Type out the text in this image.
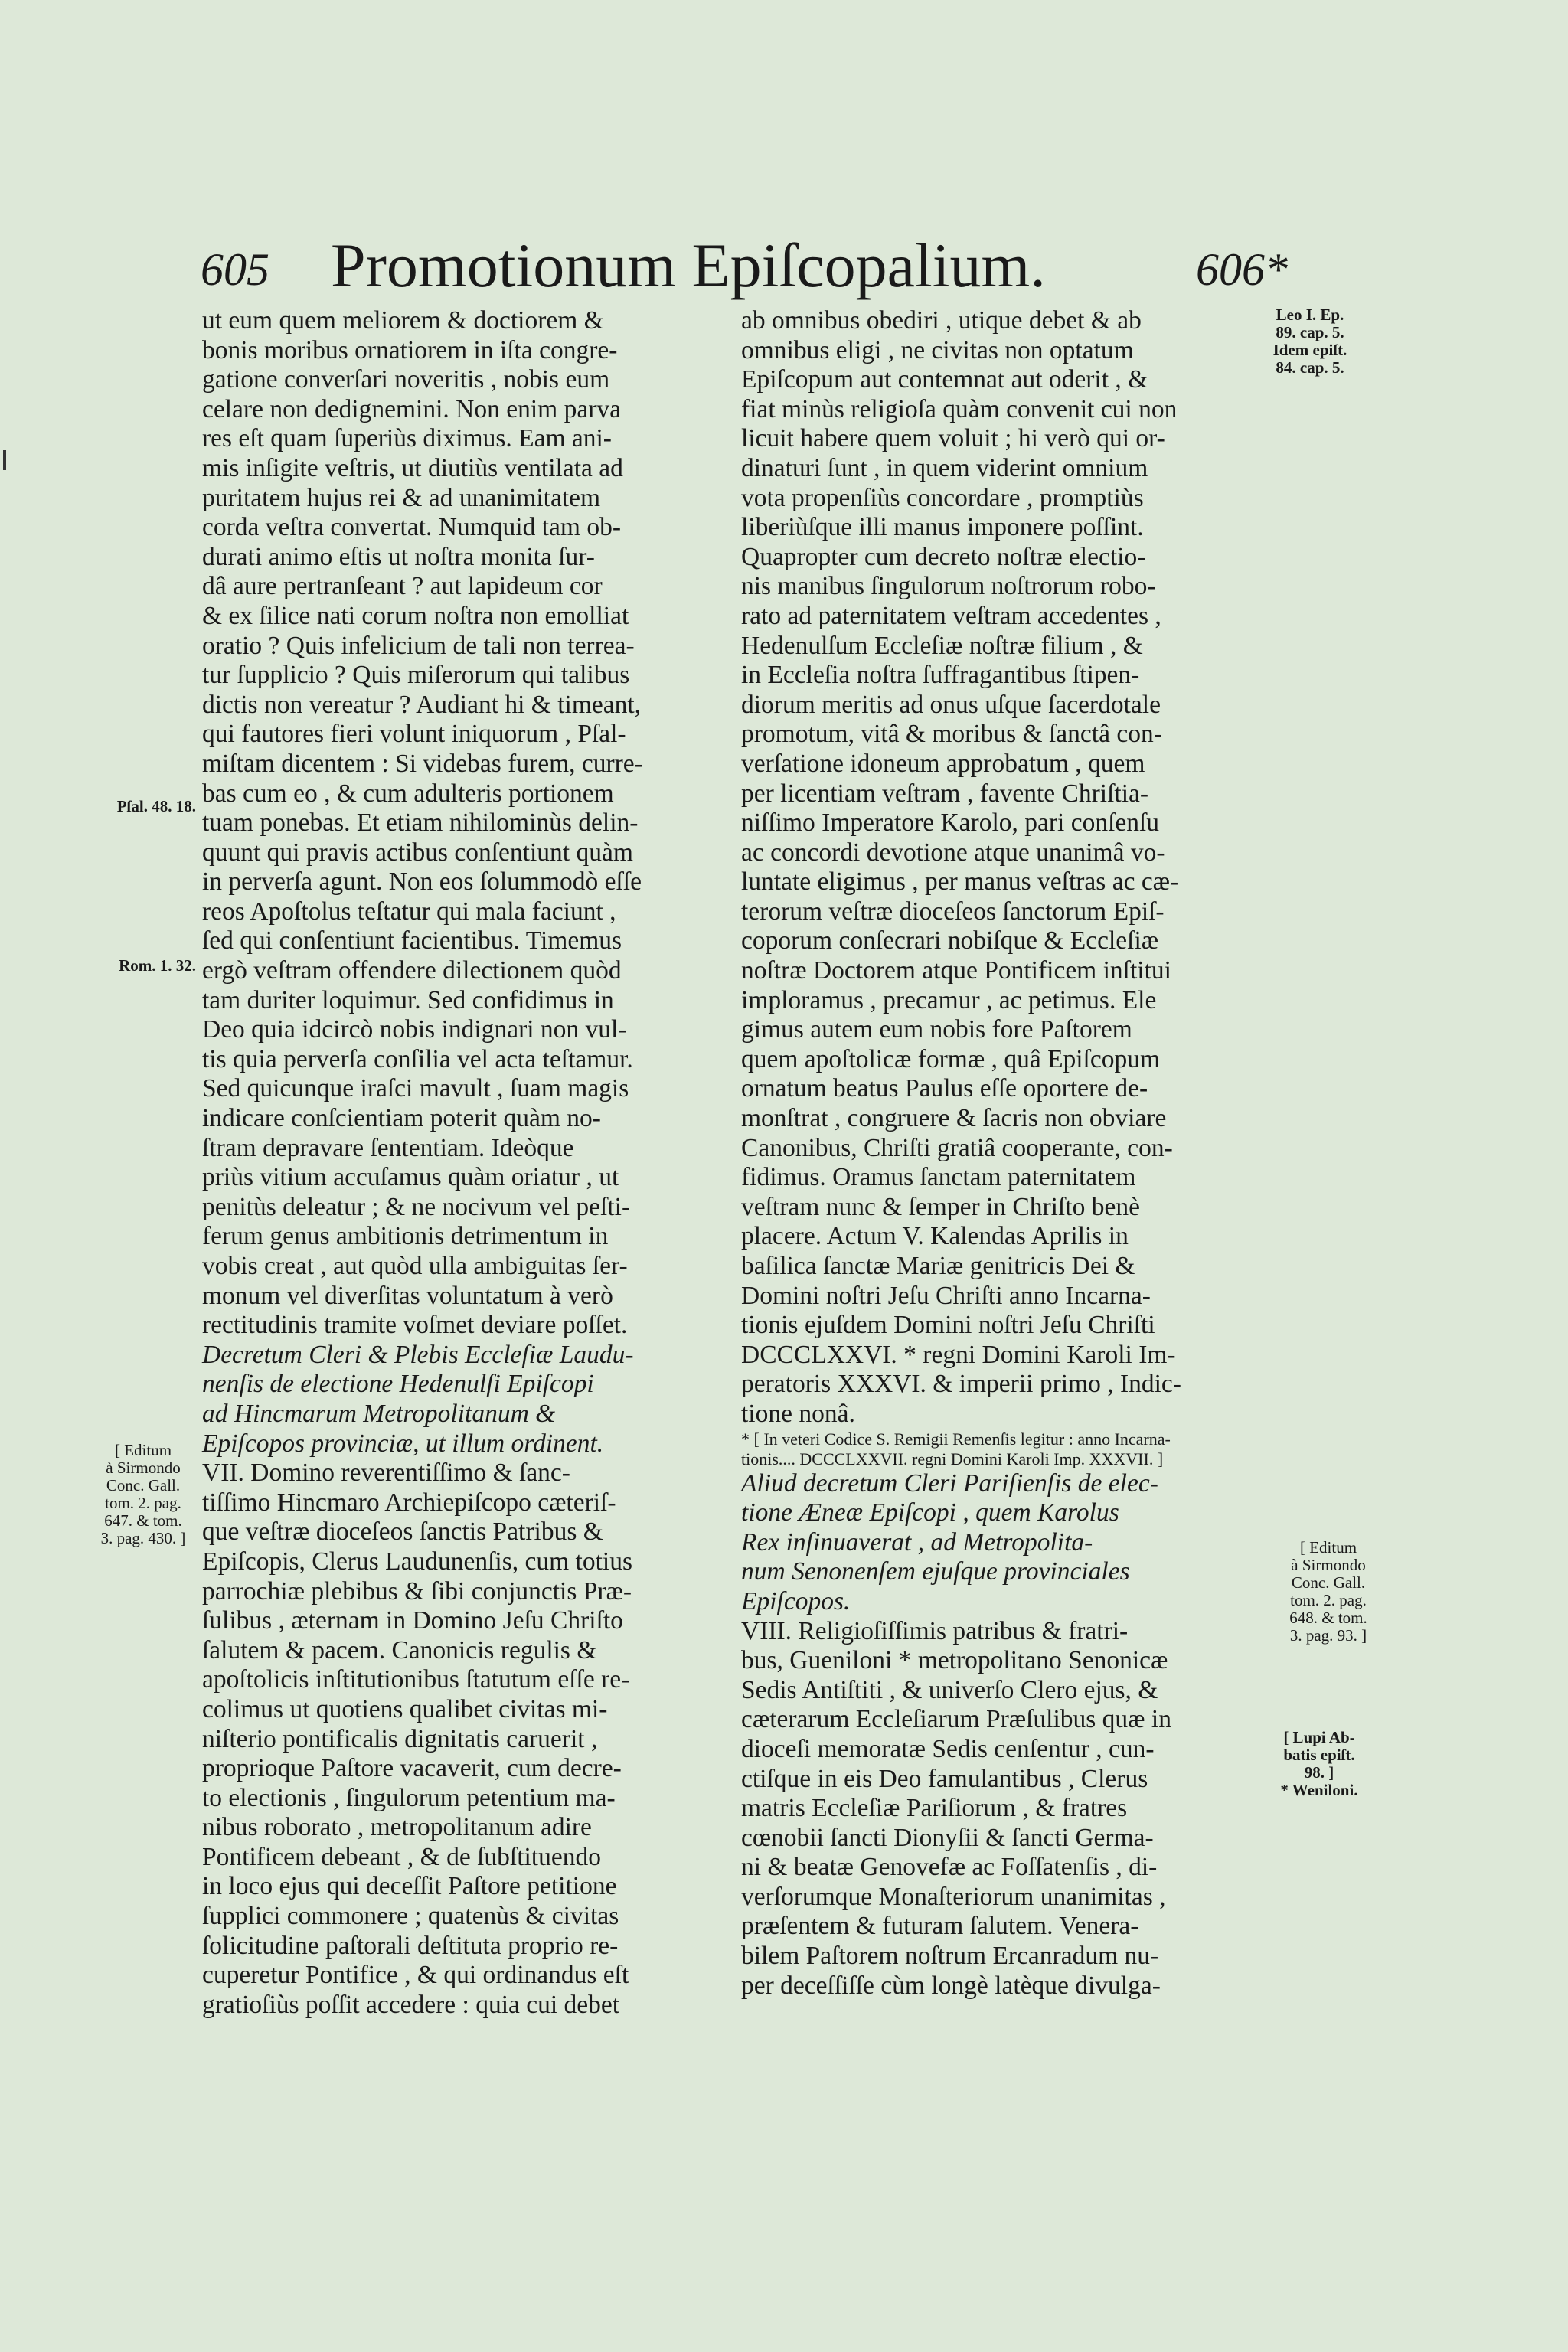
605 Promotionum Epiſcopalium.	606*

ut eum quem meliorem & doctiorem &

bonis moribus ornatiorem in iſta congre-

gatione converſari noveritis , nobis eum

celare non dedignemini. Non enim parva

res eſt quam ſuperiùs diximus. Eam ani-

mis inſigite veſtris, ut diutiùs ventilata ad

puritatem hujus rei & ad unanimitatem

corda veſtra convertat. Numquid tam ob-

durati animo eſtis ut noſtra monita ſur-

dâ aure pertranſeant ? aut lapideum cor

& ex ſilice nati corum noſtra non emolliat

oratio ? Quis infelicium de tali non terrea-

tur ſupplicio ? Quis miſerorum qui talibus

dictis non vereatur ? Audiant hi & timeant,

qui fautores fieri volunt iniquorum , Pſal-

miſtam dicentem : Si videbas furem, curre-

bas cum eo , & cum adulteris portionem

tuam ponebas. Et etiam nihilominùs delin-

quunt qui pravis actibus conſentiunt quàm

in perverſa agunt. Non eos ſolummodò eſſe

reos Apoſtolus teſtatur qui mala faciunt ,

ſed qui conſentiunt facientibus. Timemus

ergò veſtram offendere dilectionem quòd

tam duriter loquimur. Sed confidimus in

Deo quia idcircò nobis indignari non vul-

tis quia perverſa conſilia vel acta teſtamur.

Sed quicunque iraſci mavult , ſuam magis

indicare conſcientiam poterit quàm no-

ſtram depravare ſententiam. Ideòque

priùs vitium accuſamus quàm oriatur , ut

penitùs deleatur ; & ne nocivum vel peſti-

ferum genus ambitionis detrimentum in

vobis creat , aut quòd ulla ambiguitas ſer-

monum vel diverſitas voluntatum à verò

rectitudinis tramite voſmet deviare poſſet.

Decretum Cleri & Plebis Eccleſiæ Laudu-

nenſis de electione Hedenulſi Epiſcopi

ad Hincmarum Metropolitanum &

Epiſcopos provinciæ, ut illum ordinent.

VII. Domino reverentiſſimo & ſanc-

tiſſimo Hincmaro Archiepiſcopo cæteriſ-

que veſtræ dioceſeos ſanctis Patribus &

Epiſcopis, Clerus Laudunenſis, cum totius

parrochiæ plebibus & ſibi conjunctis Præ-

ſulibus , æternam in Domino Jeſu Chriſto

ſalutem & pacem. Canonicis regulis &

apoſtolicis inſtitutionibus ſtatutum eſſe re-

colimus ut quotiens qualibet civitas mi-

niſterio pontificalis dignitatis caruerit ,

proprioque Paſtore vacaverit, cum decre-

to electionis , ſingulorum petentium ma-

nibus roborato , metropolitanum adire

Pontificem debeant , & de ſubſtituendo

in loco ejus qui deceſſit Paſtore petitione

ſupplici commonere ; quatenùs & civitas

ſolicitudine paſtorali deſtituta proprio re-

cuperetur Pontifice , & qui ordinandus eſt

gratioſiùs poſſit accedere : quia cui debet

ab omnibus obediri , utique debet & ab

omnibus eligi , ne civitas non optatum

Epiſcopum aut contemnat aut oderit , &

fiat minùs religioſa quàm convenit cui non

licuit habere quem voluit ; hi verò qui or-

dinaturi ſunt , in quem viderint omnium

vota propenſiùs concordare , promptiùs

liberiùſque illi manus imponere poſſint.

Quapropter cum decreto noſtræ electio-

nis manibus ſingulorum noſtrorum robo-

rato ad paternitatem veſtram accedentes ,

Hedenulſum Eccleſiæ noſtræ filium , &

in Eccleſia noſtra ſuffragantibus ſtipen-

diorum meritis ad onus uſque ſacerdotale

promotum, vitâ & moribus & ſanctâ con-

verſatione idoneum approbatum , quem

per licentiam veſtram , favente Chriſtia-

niſſimo Imperatore Karolo, pari conſenſu

ac concordi devotione atque unanimâ vo-

luntate eligimus , per manus veſtras ac cæ-

terorum veſtræ dioceſeos ſanctorum Epiſ-

coporum conſecrari nobiſque & Eccleſiæ

noſtræ Doctorem atque Pontificem inſtitui

imploramus , precamur , ac petimus. Ele

gimus autem eum nobis fore Paſtorem

quem apoſtolicæ formæ , quâ Epiſcopum

ornatum beatus Paulus eſſe oportere de-

monſtrat , congruere & ſacris non obviare

Canonibus, Chriſti gratiâ cooperante, con-

fidimus. Oramus ſanctam paternitatem

veſtram nunc & ſemper in Chriſto benè

placere. Actum V. Kalendas Aprilis in

baſilica ſanctæ Mariæ genitricis Dei &

Domini noſtri Jeſu Chriſti anno Incarna-

tionis ejuſdem Domini noſtri Jeſu Chriſti

DCCCLXXVI. * regni Domini Karoli Im-

peratoris XXXVI. & imperii primo , Indic-

tione nonâ.

* [ In veteri Codice S. Remigii Remenſis legitur : anno Incarna-

tionis.... DCCCLXXVII. regni Domini Karoli Imp. XXXVII. ]

Aliud decretum Cleri Pariſienſis de elec-

tione Æneæ Epiſcopi , quem Karolus

Rex inſinuaverat , ad Metropolita-

num Senonenſem ejuſque provinciales

Epiſcopos.

VIII. Religioſiſſimis patribus & fratri-

bus, Gueniloni * metropolitano Senonicæ

Sedis Antiſtiti , & univerſo Clero ejus, &

cæterarum Eccleſiarum Præſulibus quæ in

dioceſi memoratæ Sedis cenſentur , cun-

ctiſque in eis Deo famulantibus , Clerus

matris Eccleſiæ Pariſiorum , & fratres

cœnobii ſancti Dionyſii & ſancti Germa-

ni & beatæ Genovefæ ac Foſſatenſis , di-

verſorumque Monaſteriorum unanimitas ,

præſentem & futuram ſalutem. Venera-

bilem Paſtorem noſtrum Ercanradum nu-

per deceſſiſſe cùm longè latèque divulga-

Pſal. 48. 18.
Rom. 1. 32.
[ Editum
à Sirmondo
Conc. Gall.
tom. 2. pag.
647. & tom.
3. pag. 430. ]
Leo I. Ep.
89. cap. 5.
Idem epiſt.
84. cap. 5.
[ Editum
à Sirmondo
Conc. Gall.
tom. 2. pag.
648. & tom.
3. pag. 93. ]
[ Lupi Ab-
batis epiſt.
98. ]
* Weniloni.
